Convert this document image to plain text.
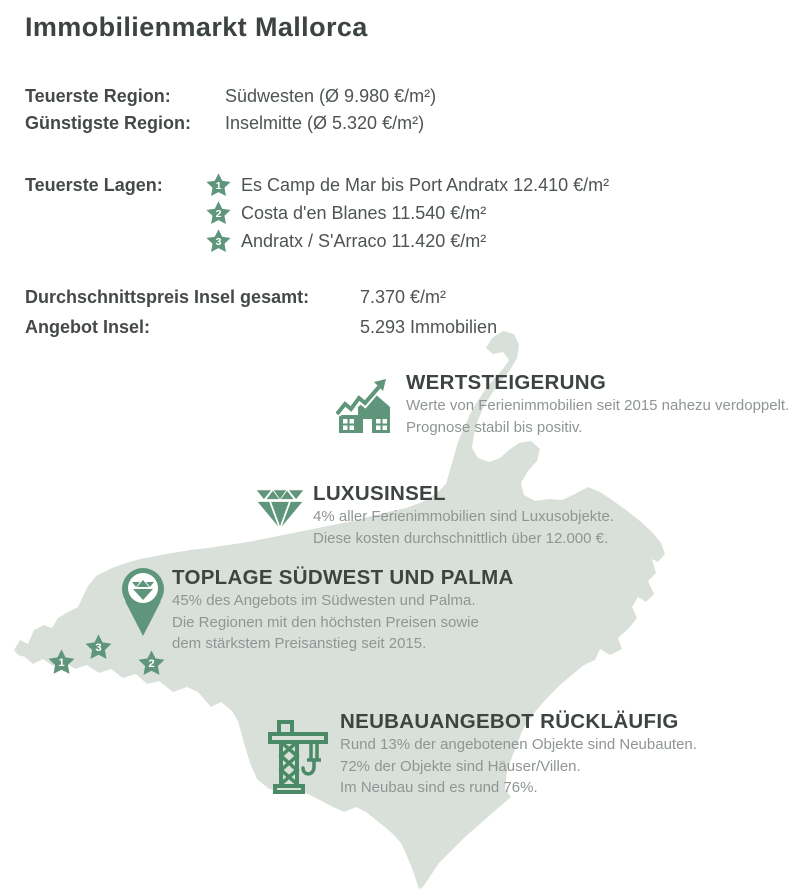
Immobilienmarkt Mallorca
Teuerste Region:	Südwesten (Ø 9.980 €/m²)
Günstigste Region:	Inselmitte (Ø 5.320 €/m²)
Teuerste Lagen:	1 Es Camp de Mar bis Port Andratx 12.410 €/m²
2 Costa d'en Blanes 11.540 €/m²
3 Andratx / S'Arraco 11.420 €/m²
Durchschnittspreis Insel gesamt:	7.370 €/m²
Angebot Insel:	5.293 Immobilien
WERTSTEIGERUNG
Werte von Ferienimmobilien seit 2015 nahezu verdoppelt.
Prognose stabil bis positiv.
LUXUSINSEL
4% aller Ferienimmobilien sind Luxusobjekte.
Diese kosten durchschnittlich über 12.000 €.
TOPLAGE SÜDWEST UND PALMA
45% des Angebots im Südwesten und Palma.
Die Regionen mit den höchsten Preisen sowie
dem stärkstem Preisanstieg seit 2015.
NEUBAUANGEBOT RÜCKLÄUFIG
Rund 13% der angebotenen Objekte sind Neubauten.
72% der Objekte sind Häuser/Villen.
Im Neubau sind es rund 76%.
1	2
3
